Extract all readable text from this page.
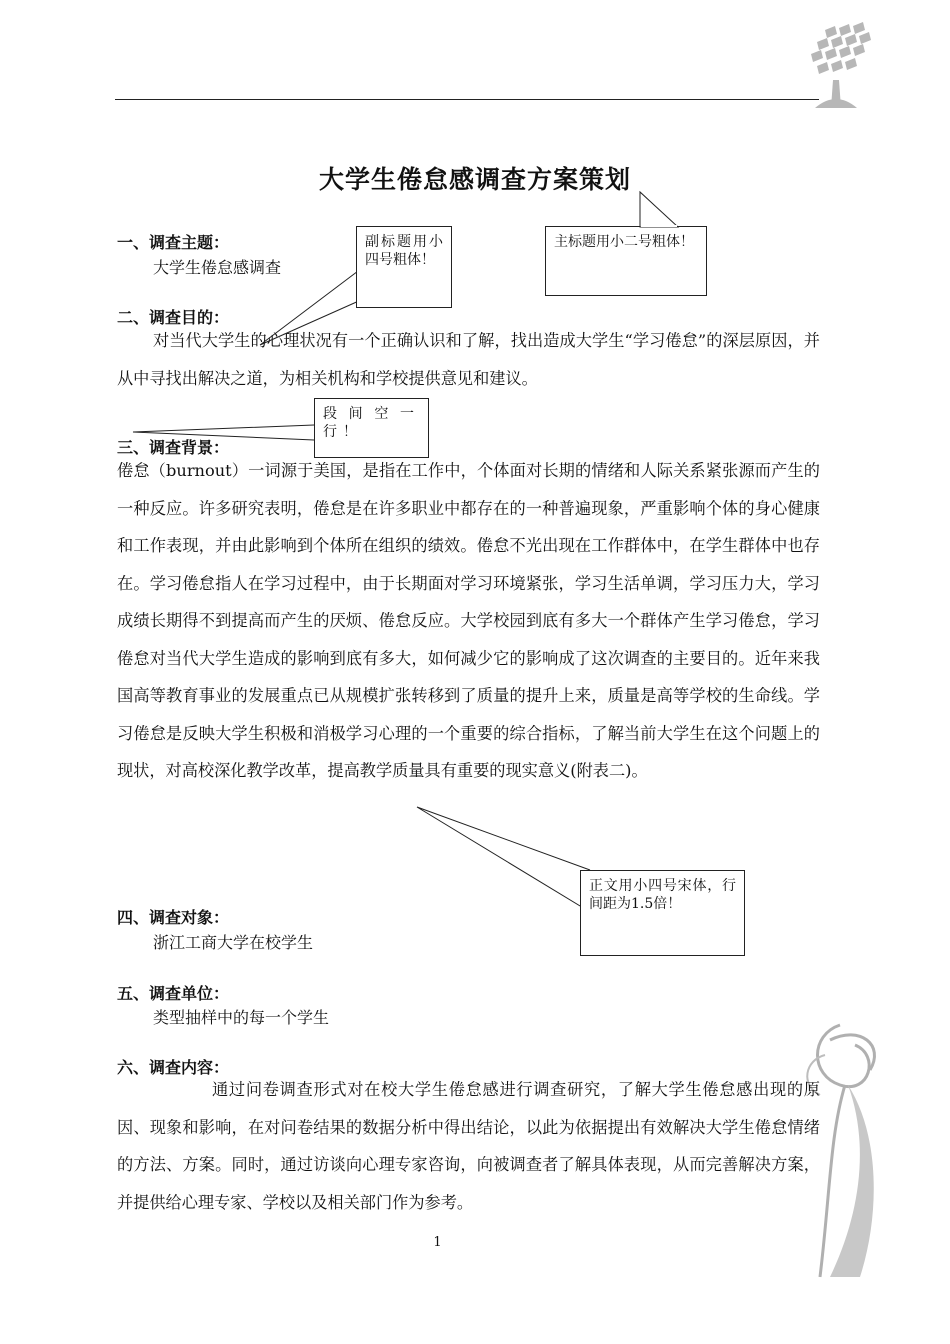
大学生倦怠感调查方案策划
一、调查主题：
大学生倦怠感调查
二、调查目的：
对当代大学生的心理状况有一个正确认识和了解，找出造成大学生“学习倦怠”的深层原因，并从中寻找出解决之道，为相关机构和学校提供意见和建议。
三、调查背景：
倦怠（burnout）一词源于美国，是指在工作中，个体面对长期的情绪和人际关系紧张源而产生的一种反应。许多研究表明，倦怠是在许多职业中都存在的一种普遍现象，严重影响个体的身心健康和工作表现，并由此影响到个体所在组织的绩效。倦怠不光出现在工作群体中，在学生群体中也存在。学习倦怠指人在学习过程中，由于长期面对学习环境紧张，学习生活单调，学习压力大，学习成绩长期得不到提高而产生的厌烦、倦怠反应。大学校园到底有多大一个群体产生学习倦怠，学习倦怠对当代大学生造成的影响到底有多大，如何减少它的影响成了这次调查的主要目的。近年来我国高等教育事业的发展重点已从规模扩张转移到了质量的提升上来，质量是高等学校的生命线。学习倦怠是反映大学生积极和消极学习心理的一个重要的综合指标，了解当前大学生在这个问题上的现状，对高校深化教学改革，提高教学质量具有重要的现实意义(附表二)。
四、调查对象：
浙江工商大学在校学生
五、调查单位：
类型抽样中的每一个学生
六、调查内容：
通过问卷调查形式对在校大学生倦怠感进行调查研究，了解大学生倦怠感出现的原因、现象和影响，在对问卷结果的数据分析中得出结论，以此为依据提出有效解决大学生倦怠情绪的方法、方案。同时，通过访谈向心理专家咨询，向被调查者了解具体表现，从而完善解决方案，并提供给心理专家、学校以及相关部门作为参考。
副标题用小四号粗体！
主标题用小二号粗体！
段间空一行！
正文用小四号宋体，行间距为1.5倍！
1
